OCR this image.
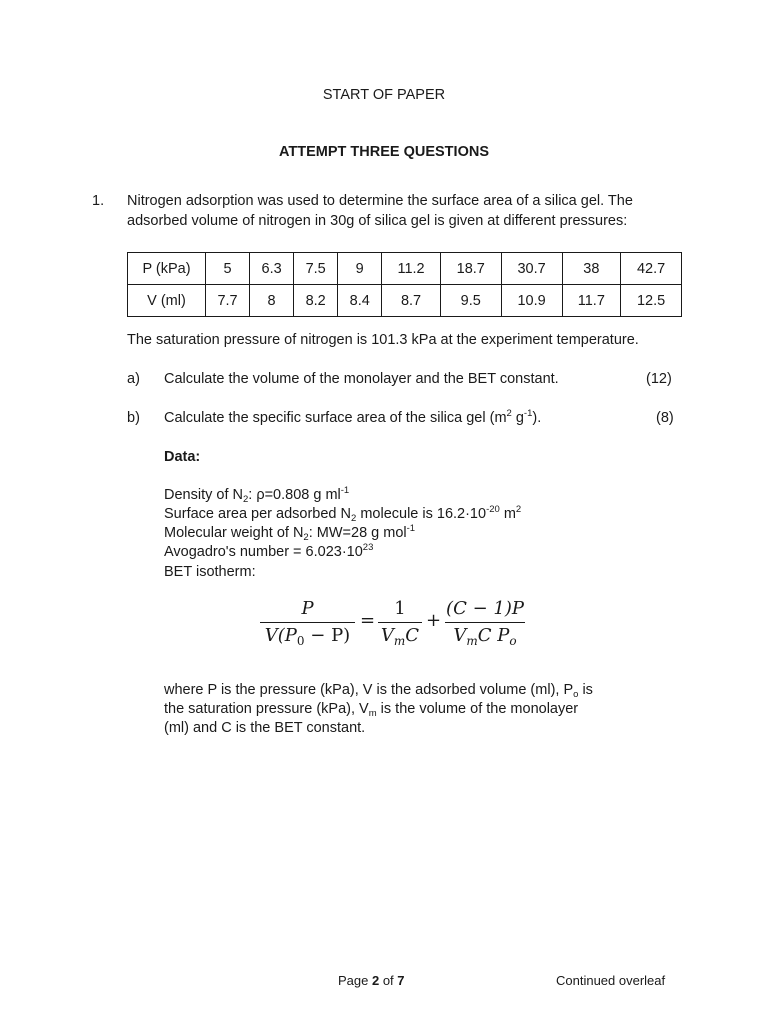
START OF PAPER
ATTEMPT THREE QUESTIONS
1. Nitrogen adsorption was used to determine the surface area of a silica gel. The
adsorbed volume of nitrogen in 30g of silica gel is given at different pressures:
P (kPa)	5	6.3	7.5	9	11.2	18.7	30.7	38	42.7
V (ml)	7.7	8	8.2	8.4	8.7	9.5	10.9	11.7	12.5
The saturation pressure of nitrogen is 101.3 kPa at the experiment temperature.
a) Calculate the volume of the monolayer and the BET constant.	(12)
b) Calculate the specific surface area of the silica gel ($m^2$ $g^{-1}$).	(8)
Data:
Density of $N_2$: ρ=0.808 g $ml^{-1}$
Surface area per adsorbed $N_2$ molecule is $16.2\cdot 10^{-20}$ $m^2$
Molecular weight of $N_2$: MW=28 g mol$^{-1}$
Avogadro's number = $6.023\cdot 10^{23}$
BET isotherm:
P
$V(P_0 - P)$
=
1
$V_mC$
+
(C − 1)P
$V_mC$ $P_o$
where P is the pressure (kPa), V is the adsorbed volume (ml), $P_o$ is
the saturation pressure (kPa), $V_m$ is the volume of the monolayer
(ml) and C is the BET constant.
Page 2 of 7	Continued overleaf
